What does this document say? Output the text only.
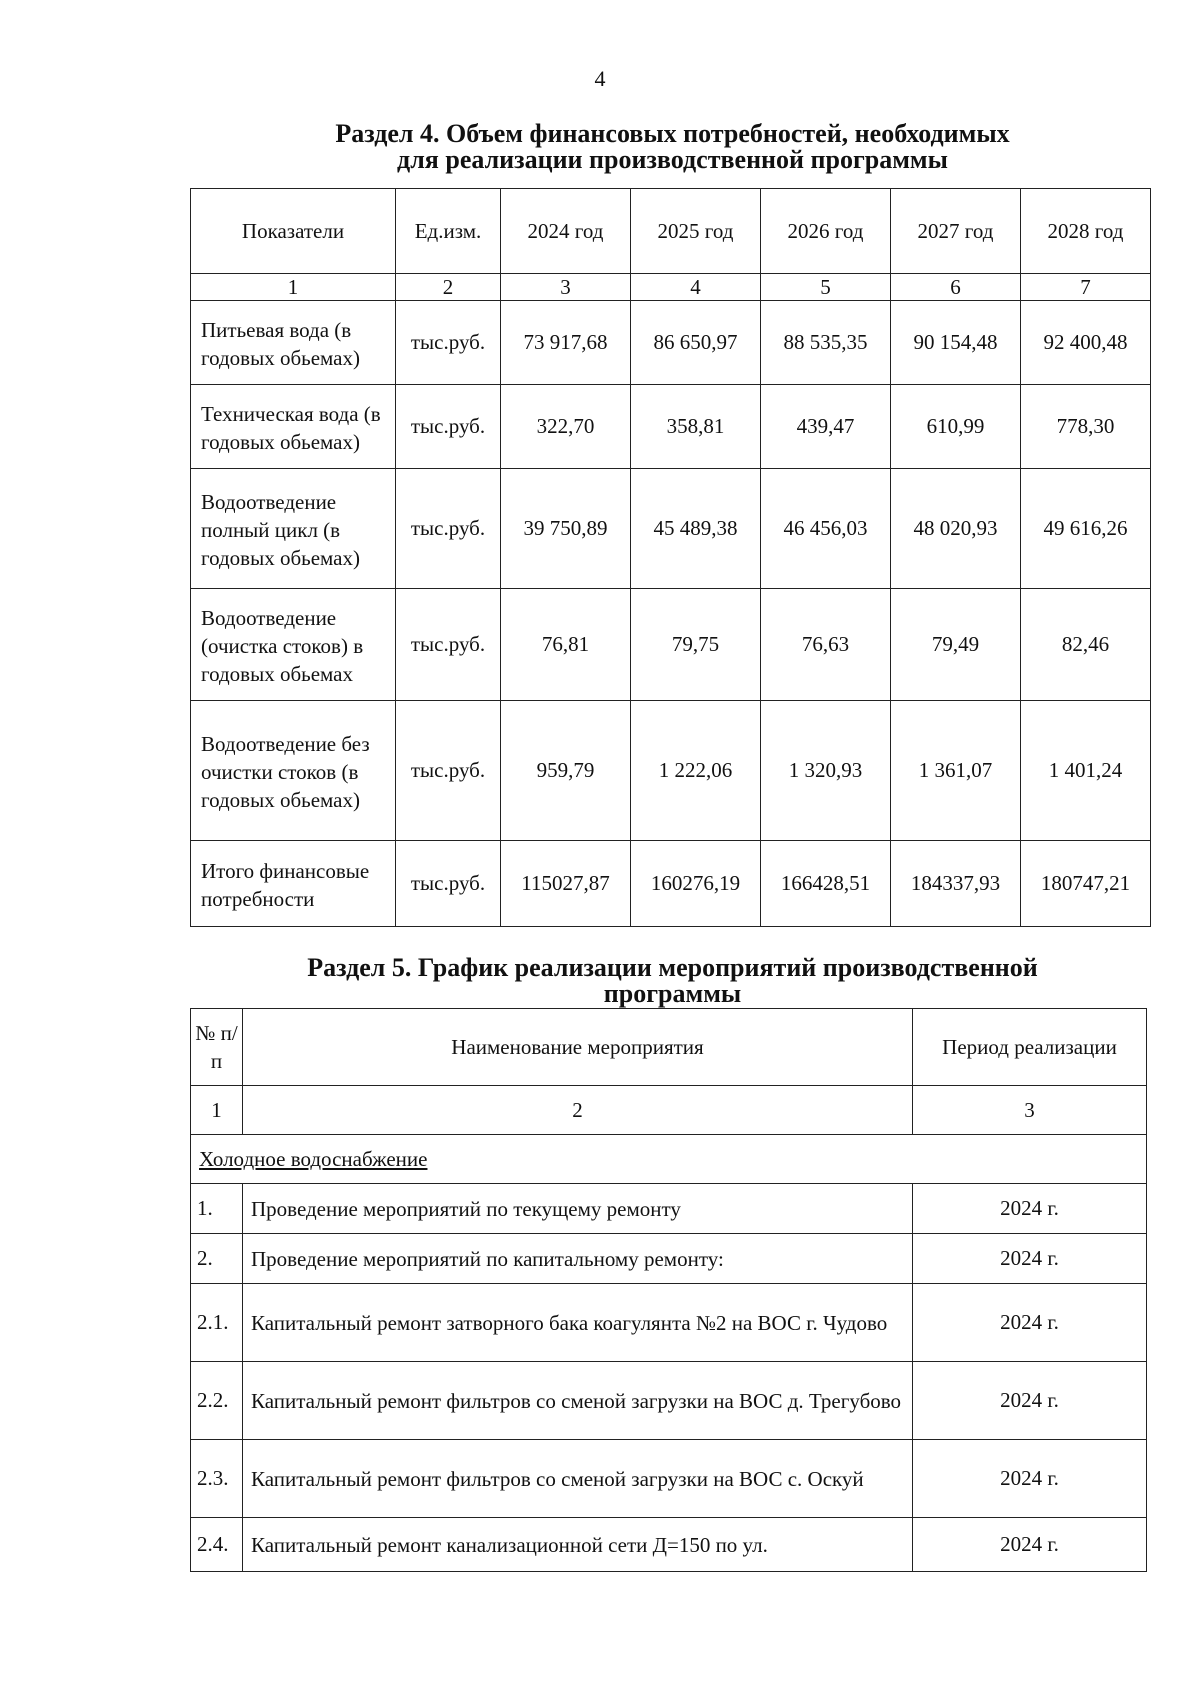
4
Раздел 4. Объем финансовых потребностей, необходимых
для реализации производственной программы
Показатели	Ед.изм.	2024 год	2025 год	2026 год	2027 год	2028 год
1	2	3	4	5	6	7
Питьевая вода (в годовых обьемах)	тыс.руб.	73 917,68	86 650,97	88 535,35	90 154,48	92 400,48
Техническая вода (в годовых обьемах)	тыс.руб.	322,70	358,81	439,47	610,99	778,30
Водоотведение полный цикл (в годовых обьемах)	тыс.руб.	39 750,89	45 489,38	46 456,03	48 020,93	49 616,26
Водоотведение (очистка стоков) в годовых обьемах	тыс.руб.	76,81	79,75	76,63	79,49	82,46
Водоотведение без очистки стоков (в годовых обьемах)	тыс.руб.	959,79	1 222,06	1 320,93	1 361,07	1 401,24
Итого финансовые потребности	тыс.руб.	115027,87	160276,19	166428,51	184337,93	180747,21
Раздел 5. График реализации мероприятий производственной
программы
№ п/п	Наименование мероприятия	Период реализации
1	2	3
Холодное водоснабжение		
1.	Проведение мероприятий по текущему ремонту	2024 г.
2.	Проведение мероприятий по капитальному ремонту:	2024 г.
2.1.	Капитальный ремонт затворного бака коагулянта №2 на ВОС г. Чудово	2024 г.
2.2.	Капитальный ремонт фильтров со сменой загрузки на ВОС д. Трегубово	2024 г.
2.3.	Капитальный ремонт фильтров со сменой загрузки на ВОС с. Оскуй	2024 г.
2.4.	Капитальный ремонт канализационной сети Д=150 по ул.	2024 г.
